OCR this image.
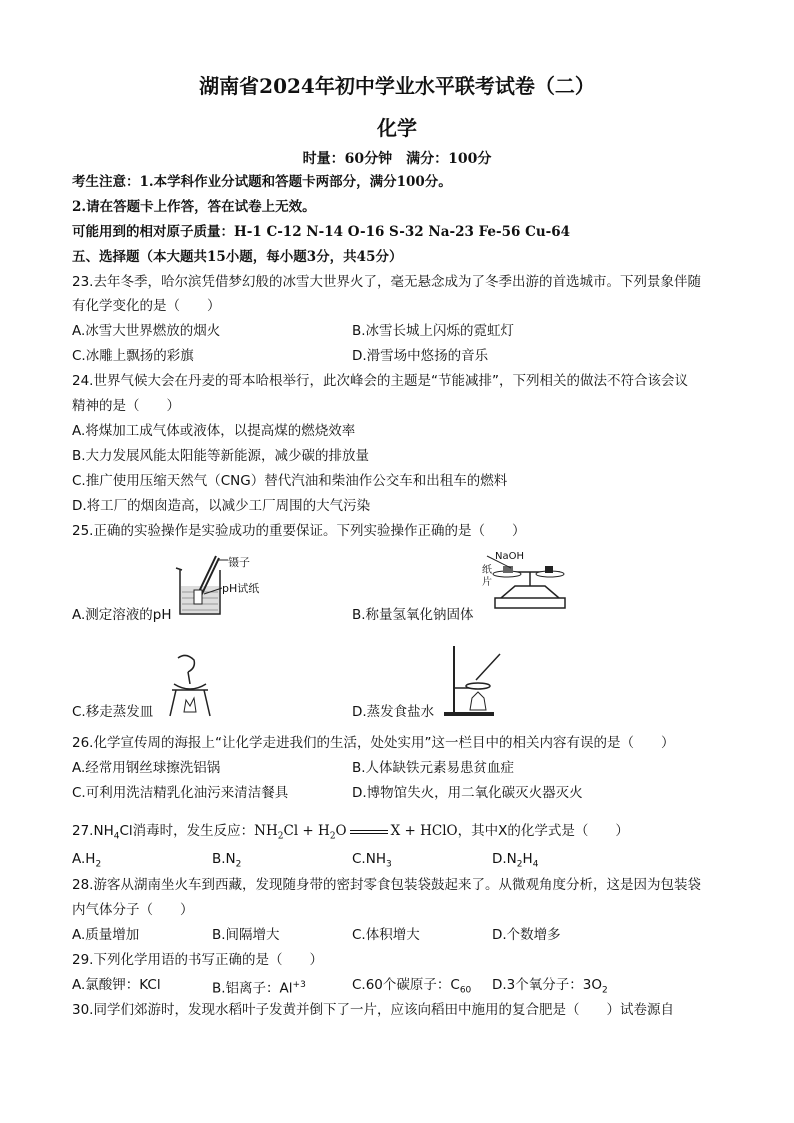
湖南省2024年初中学业水平联考试卷（二）
化学
时量：60分钟　满分：100分
考生注意：1.本学科作业分试题和答题卡两部分，满分100分。
2.请在答题卡上作答，答在试卷上无效。
可能用到的相对原子质量：H-1 C-12 N-14 O-16 S-32 Na-23 Fe-56 Cu-64
五、选择题（本大题共15小题，每小题3分，共45分）
23.去年冬季，哈尔滨凭借梦幻般的冰雪大世界火了，毫无悬念成为了冬季出游的首选城市。下列景象伴随
有化学变化的是（　　）
A.冰雪大世界燃放的烟火	B.冰雪长城上闪烁的霓虹灯
C.冰雕上飘扬的彩旗	D.滑雪场中悠扬的音乐
24.世界气候大会在丹麦的哥本哈根举行，此次峰会的主题是“节能减排”，下列相关的做法不符合该会议
精神的是（　　）
A.将煤加工成气体或液体，以提高煤的燃烧效率
B.大力发展风能太阳能等新能源，减少碳的排放量
C.推广使用压缩天然气（CNG）替代汽油和柴油作公交车和出租车的燃料
D.将工厂的烟囱造高，以减少工厂周围的大气污染
25.正确的实验操作是实验成功的重要保证。下列实验操作正确的是（　　）
镊子
pH试纸
A.测定溶液的pH
NaOH
纸
片
B.称量氢氧化钠固体
C.移走蒸发皿	D.蒸发食盐水
26.化学宣传周的海报上“让化学走进我们的生活，处处实用”这一栏目中的相关内容有误的是（　　）
A.经常用钢丝球擦洗铝锅	B.人体缺铁元素易患贫血症
C.可利用洗洁精乳化油污来清洁餐具	D.博物馆失火，用二氧化碳灭火器灭火
$27.NH_4Cl$消毒时，发生反应：$NH_2Cl + H_2O$	X + HClO，其中X的化学式是（　　）
$A.H_2$	$B.N_2$	$C.NH_3$	$D.N_2H_4$
28.游客从湖南坐火车到西藏，发现随身带的密封零食包装袋鼓起来了。从微观角度分析，这是因为包装袋
内气体分子（　　）
A.质量增加	B.间隔增大	C.体积增大	D.个数增多
29.下列化学用语的书写正确的是（　　）
A.氯酸钾：KCl	B.铝离子：$Al^{+3}$	C.60个碳原子：$C_{60}$ D.3个氧分子：$3O_2$
30.同学们郊游时，发现水稻叶子发黄并倒下了一片，应该向稻田中施用的复合肥是（　　）试卷源自
